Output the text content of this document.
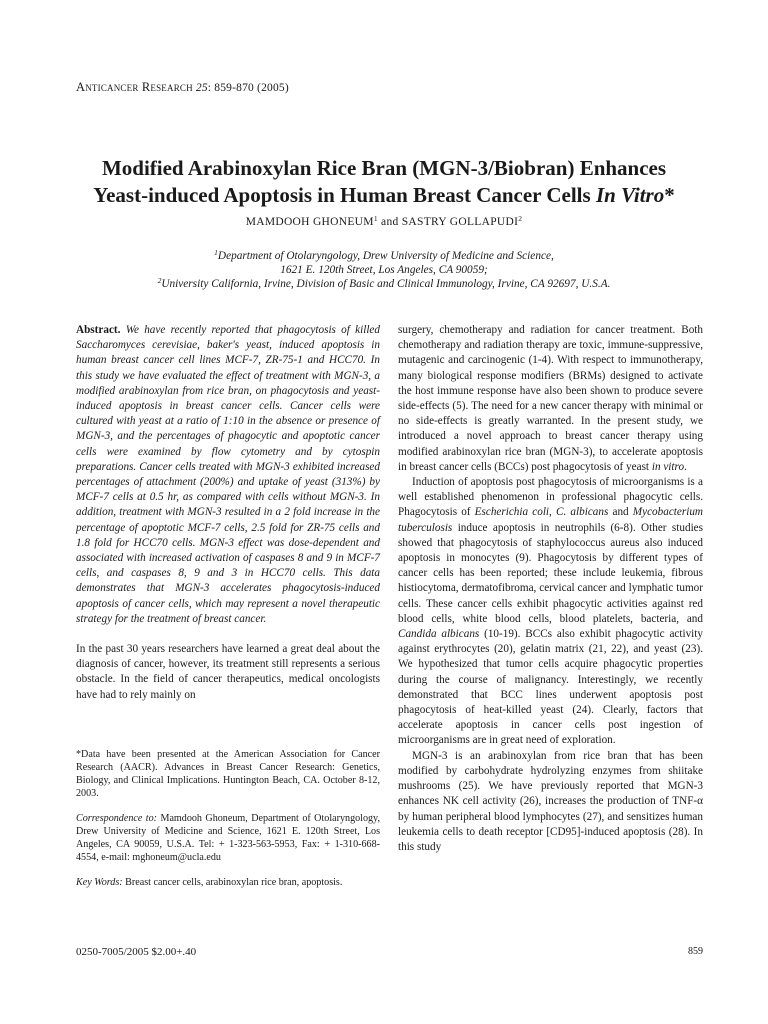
Anticancer Research 25: 859-870 (2005)
Modified Arabinoxylan Rice Bran (MGN-3/Biobran) Enhances
Yeast-induced Apoptosis in Human Breast Cancer Cells In Vitro*
MAMDOOH GHONEUM$^1$ and SASTRY GOLLAPUDI$^2$
$^1$Department of Otolaryngology, Drew University of Medicine and Science,
1621 E. 120th Street, Los Angeles, CA 90059;
$^2$University California, Irvine, Division of Basic and Clinical Immunology, Irvine, CA 92697, U.S.A.

Abstract. We have recently reported that phagocytosis of killed Saccharomyces cerevisiae, baker's yeast, induced apoptosis in human breast cancer cell lines MCF-7, ZR-75-1 and HCC70. In this study we have evaluated the effect of treatment with MGN-3, a modified arabinoxylan from rice bran, on phagocytosis and yeast-induced apoptosis in breast cancer cells. Cancer cells were cultured with yeast at a ratio of 1:10 in the absence or presence of MGN-3, and the percentages of phagocytic and apoptotic cancer cells were examined by flow cytometry and by cytospin preparations. Cancer cells treated with MGN-3 exhibited increased percentages of attachment (200%) and uptake of yeast (313%) by MCF-7 cells at 0.5 hr, as compared with cells without MGN-3. In addition, treatment with MGN-3 resulted in a 2 fold increase in the percentage of apoptotic MCF-7 cells, 2.5 fold for ZR-75 cells and 1.8 fold for HCC70 cells. MGN-3 effect was dose-dependent and associated with increased activation of caspases 8 and 9 in MCF-7 cells, and caspases 8, 9 and 3 in HCC70 cells. This data demonstrates that MGN-3 accelerates phagocytosis-induced apoptosis of cancer cells, which may represent a novel therapeutic strategy for the treatment of breast cancer.

In the past 30 years researchers have learned a great deal about the diagnosis of cancer, however, its treatment still represents a serious obstacle. In the field of cancer therapeutics, medical oncologists have had to rely mainly on

*Data have been presented at the American Association for Cancer Research (AACR). Advances in Breast Cancer Research: Genetics, Biology, and Clinical Implications. Huntington Beach, CA. October 8-12, 2003.

Correspondence to: Mamdooh Ghoneum, Department of Otolaryngology, Drew University of Medicine and Science, 1621 E. 120th Street, Los Angeles, CA 90059, U.S.A. Tel: + 1-323-563-5953, Fax: + 1-310-668-4554, e-mail: mghoneum@ucla.edu

Key Words: Breast cancer cells, arabinoxylan rice bran, apoptosis.

surgery, chemotherapy and radiation for cancer treatment. Both chemotherapy and radiation therapy are toxic, immune-suppressive, mutagenic and carcinogenic (1-4). With respect to immunotherapy, many biological response modifiers (BRMs) designed to activate the host immune response have also been shown to produce severe side-effects (5). The need for a new cancer therapy with minimal or no side-effects is greatly warranted. In the present study, we introduced a novel approach to breast cancer therapy using modified arabinoxylan rice bran (MGN-3), to accelerate apoptosis in breast cancer cells (BCCs) post phagocytosis of yeast in vitro.

Induction of apoptosis post phagocytosis of microorganisms is a well established phenomenon in professional phagocytic cells. Phagocytosis of Escherichia coli, C. albicans and Mycobacterium tuberculosis induce apoptosis in neutrophils (6-8). Other studies showed that phagocytosis of staphylococcus aureus also induced apoptosis in monocytes (9). Phagocytosis by different types of cancer cells has been reported; these include leukemia, fibrous histiocytoma, dermatofibroma, cervical cancer and lymphatic tumor cells. These cancer cells exhibit phagocytic activities against red blood cells, white blood cells, blood platelets, bacteria, and Candida albicans (10-19). BCCs also exhibit phagocytic activity against erythrocytes (20), gelatin matrix (21, 22), and yeast (23). We hypothesized that tumor cells acquire phagocytic properties during the course of malignancy. Interestingly, we recently demonstrated that BCC lines underwent apoptosis post phagocytosis of heat-killed yeast (24). Clearly, factors that accelerate apoptosis in cancer cells post ingestion of microorganisms are in great need of exploration.

MGN-3 is an arabinoxylan from rice bran that has been modified by carbohydrate hydrolyzing enzymes from shiitake mushrooms (25). We have previously reported that MGN-3 enhances NK cell activity (26), increases the production of TNF-α by human peripheral blood lymphocytes (27), and sensitizes human leukemia cells to death receptor [CD95]-induced apoptosis (28). In this study

0250-7005/2005 $2.00+.40	859
